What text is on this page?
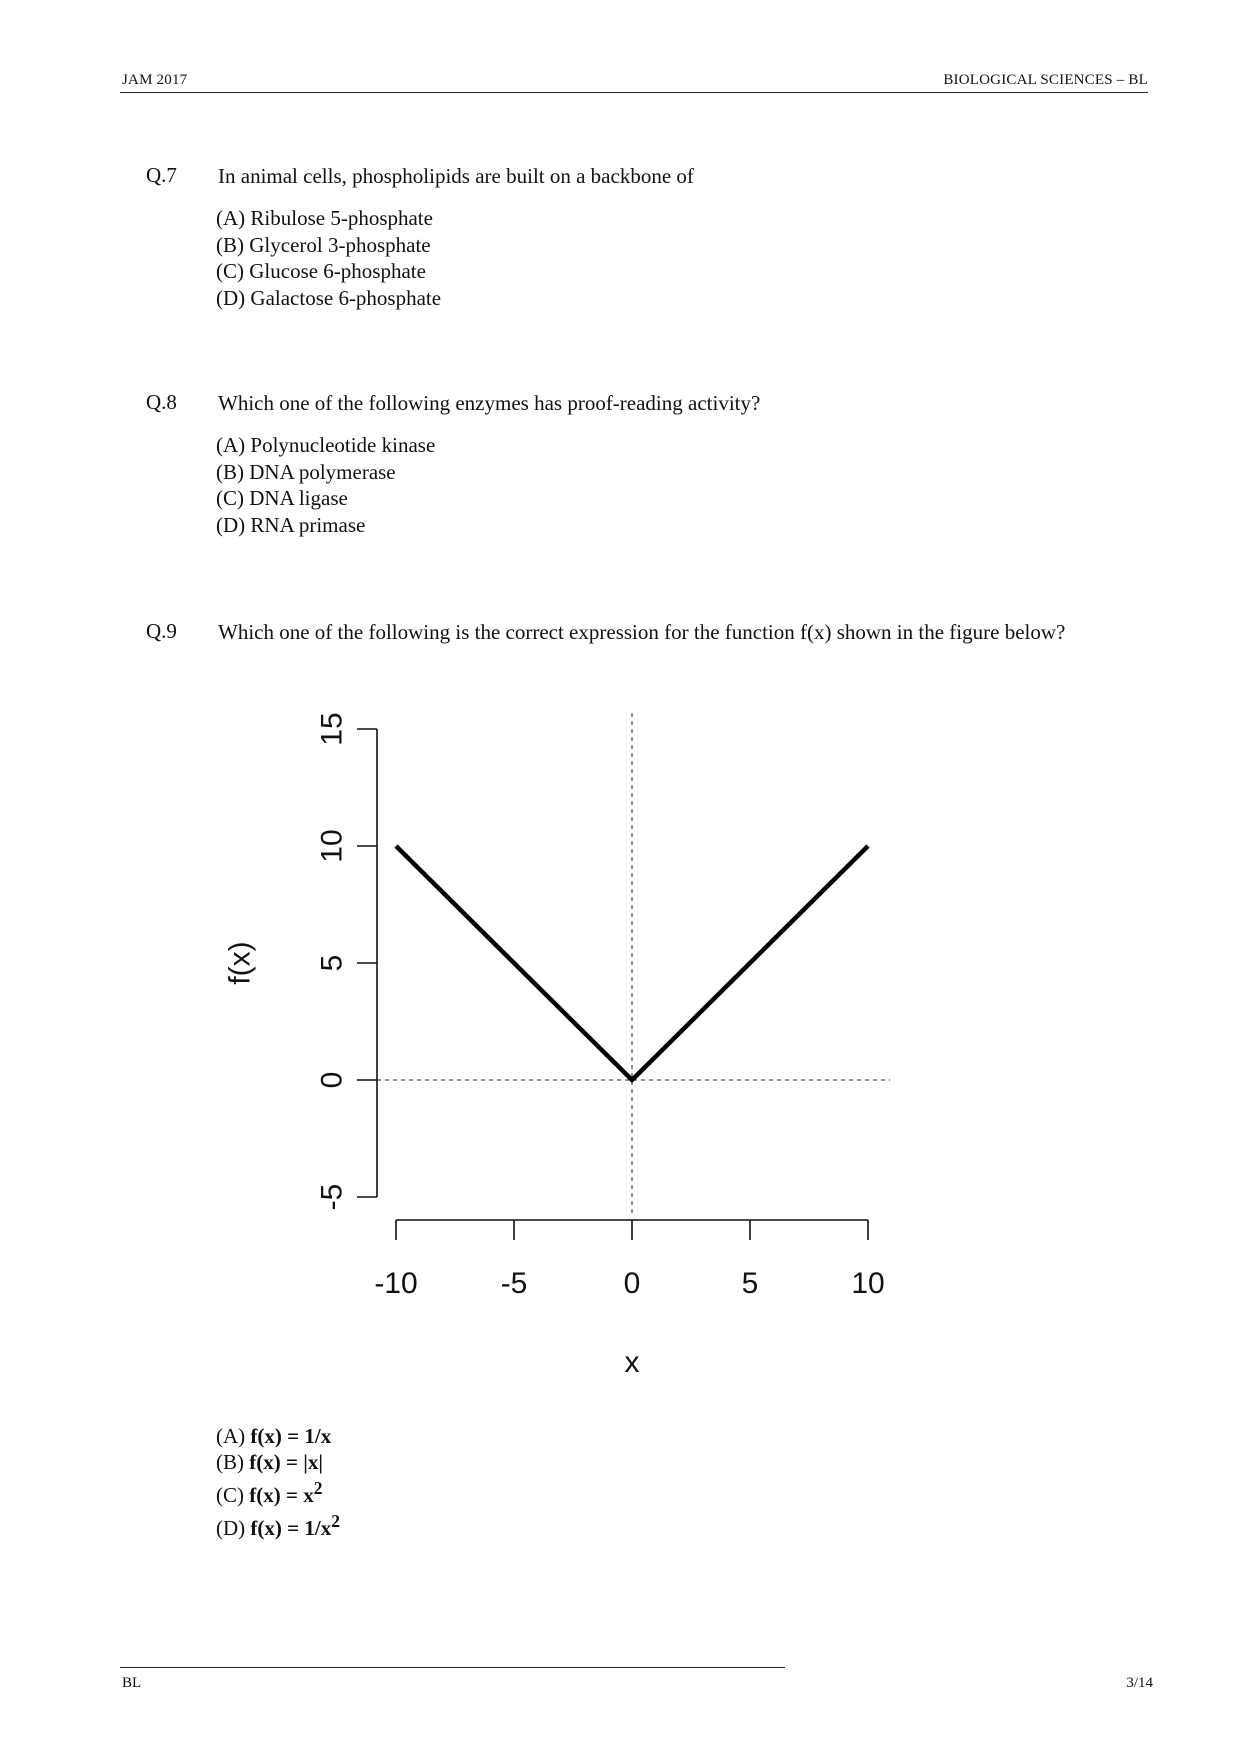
JAM 2017	BIOLOGICAL SCIENCES – BL
Q.7 In animal cells, phospholipids are built on a backbone of
(A) Ribulose 5-phosphate
(B) Glycerol 3-phosphate
(C) Glucose 6-phosphate
(D) Galactose 6-phosphate
Q.8 Which one of the following enzymes has proof-reading activity?
(A) Polynucleotide kinase
(B) DNA polymerase
(C) DNA ligase
(D) RNA primase
Q.9 Which one of the following is the correct expression for the function f(x) shown in the figure below?
-5
0
5
10
15
f(x)
-10	-5	0	5	10
x
(A) f(x) = 1/x
(B) f(x) = |x|
(C) $f(x) = x^2$
(D) $f(x) = 1/x^2$
BL	3/14
